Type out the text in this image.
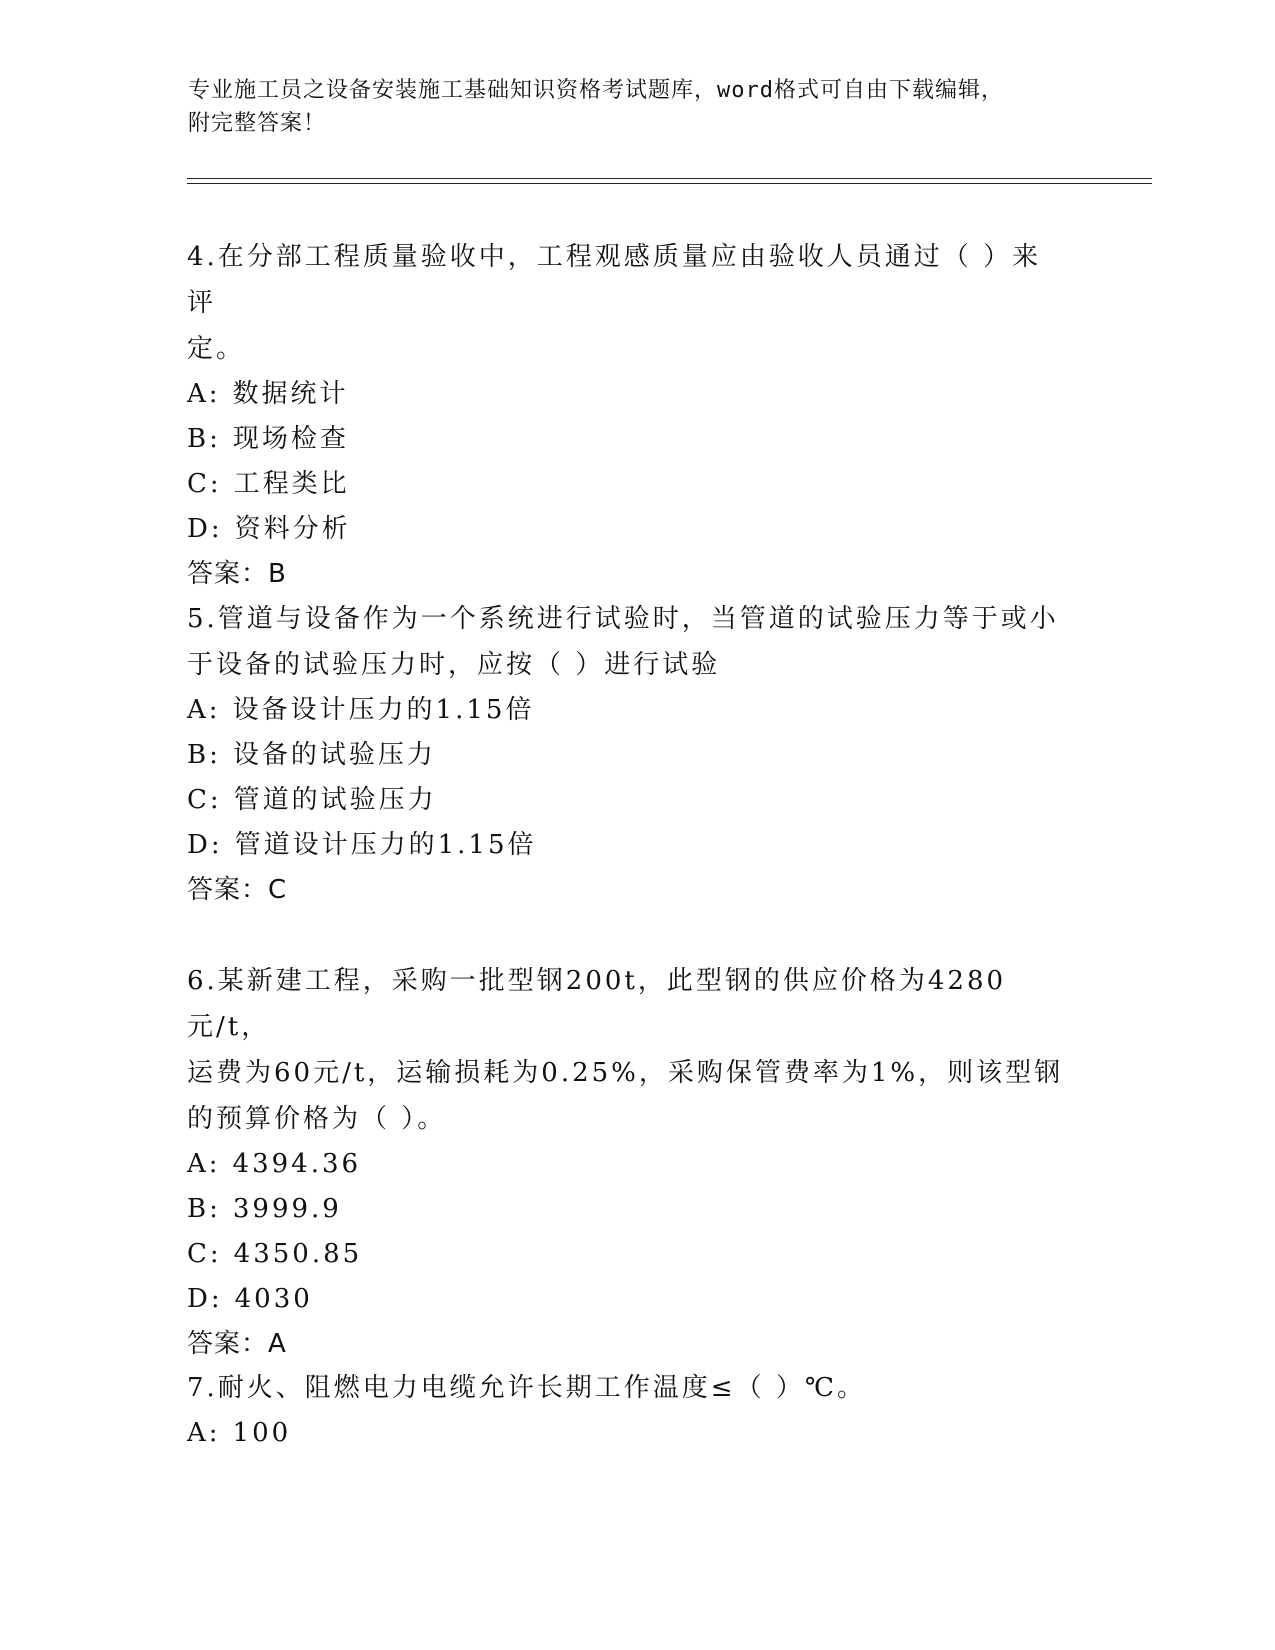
专业施工员之设备安装施工基础知识资格考试题库，word格式可自由下载编辑，
附完整答案！

4.在分部工程质量验收中，工程观感质量应由验收人员通过（ ）来评

定。

A: 数据统计

B: 现场检查

C: 工程类比

D: 资料分析

答案：B

5.管道与设备作为一个系统进行试验时，当管道的试验压力等于或小

于设备的试验压力时，应按（ ）进行试验

A: 设备设计压力的1.15倍

B: 设备的试验压力

C: 管道的试验压力

D: 管道设计压力的1.15倍

答案：C

6.某新建工程，采购一批型钢200t，此型钢的供应价格为4280元/t，

运费为60元/t，运输损耗为0.25%，采购保管费率为1%，则该型钢

的预算价格为（ ）。

A: 4394.36

B: 3999.9

C: 4350.85

D: 4030

答案：A

7.耐火、阻燃电力电缆允许长期工作温度≤（ ）℃。

A: 100
